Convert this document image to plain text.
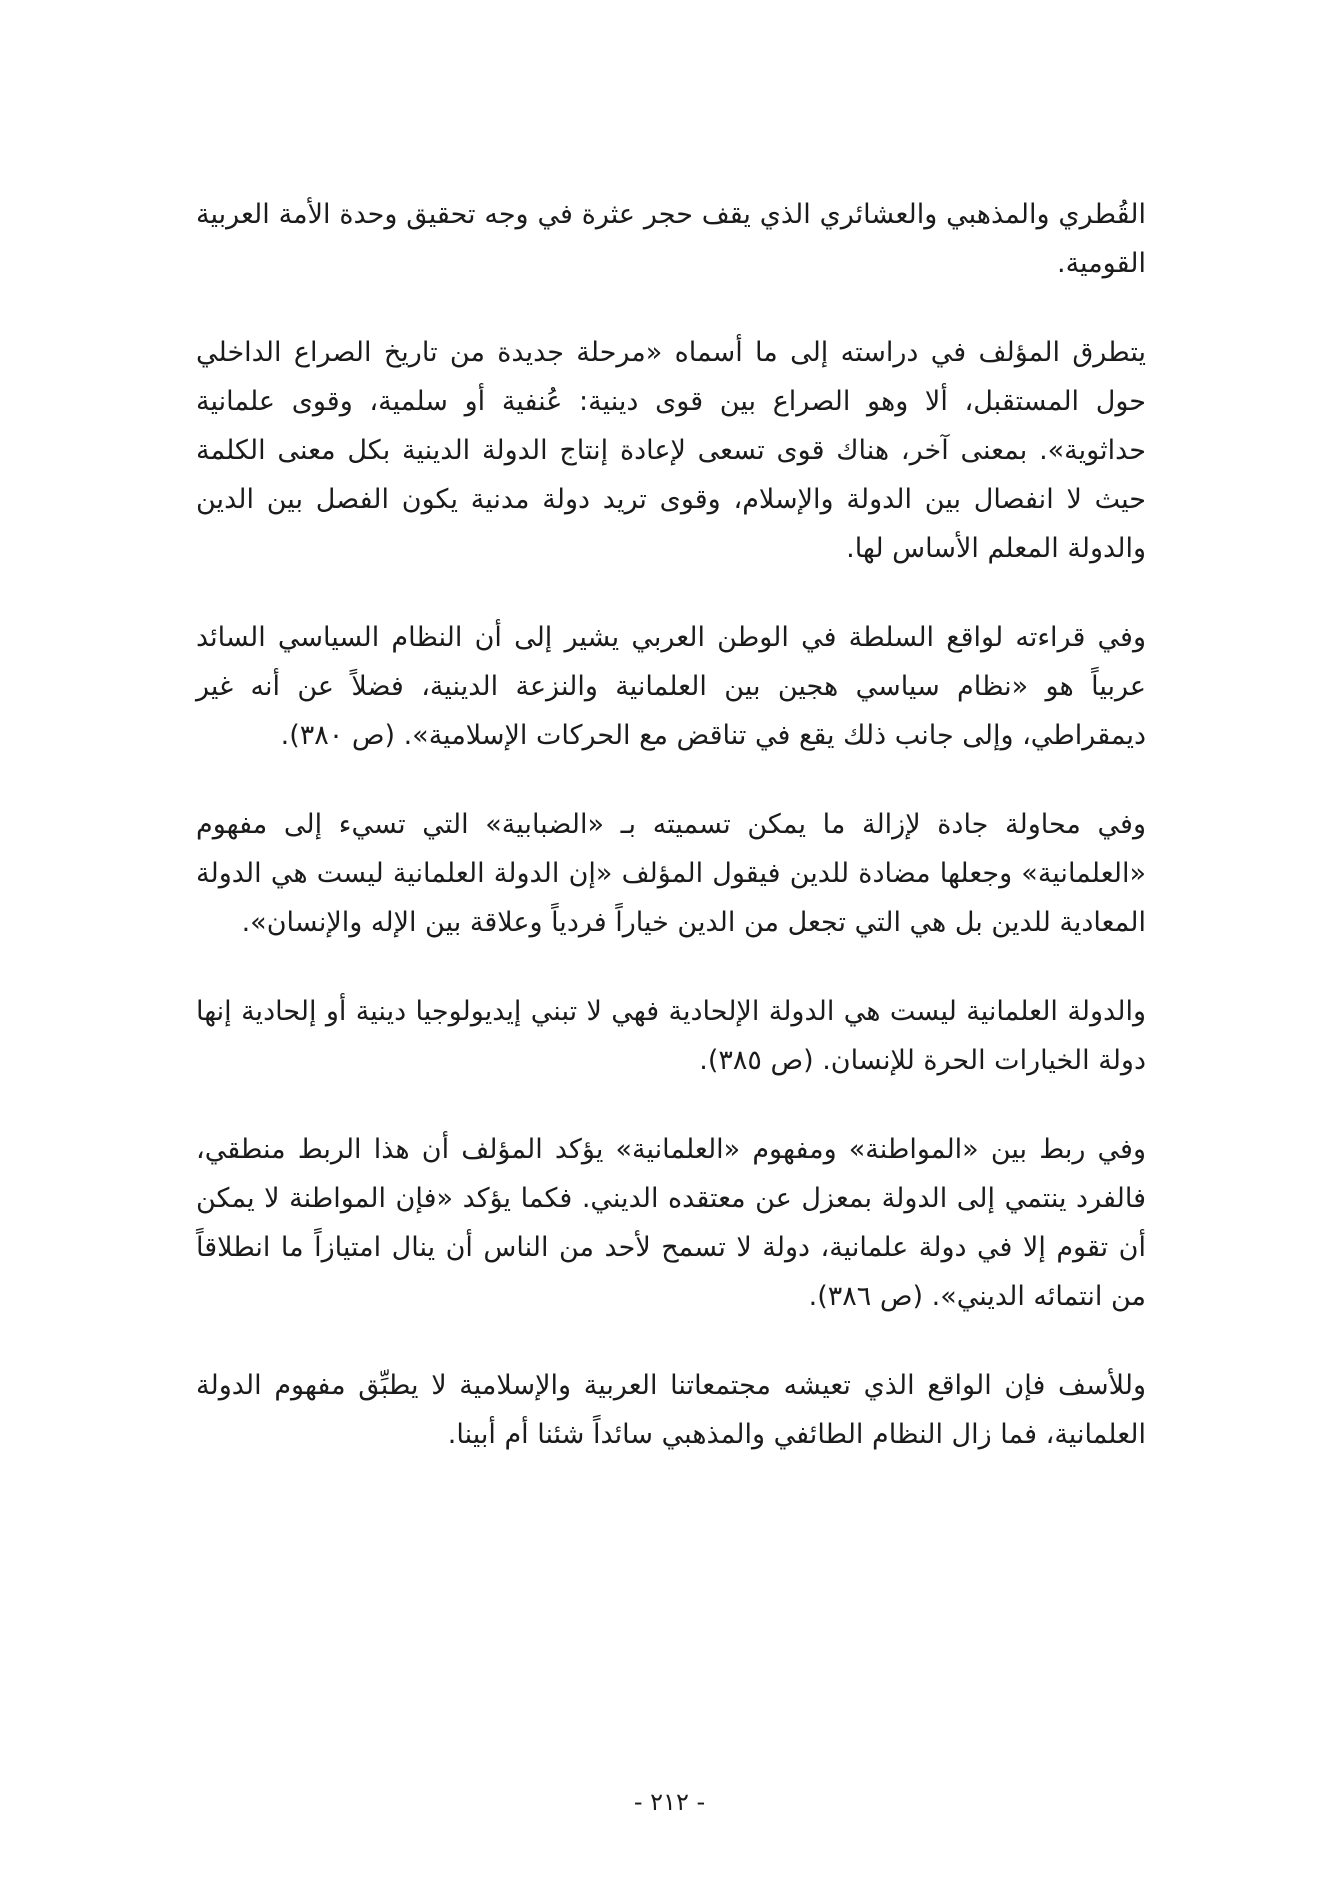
القُطري والمذهبي والعشائري الذي يقف حجر عثرة في وجه تحقيق وحدة الأمة العربية القومية.

يتطرق المؤلف في دراسته إلى ما أسماه «مرحلة جديدة من تاريخ الصراع الداخلي حول المستقبل، ألا وهو الصراع بين قوى دينية: عُنفية أو سلمية، وقوى علمانية حداثوية». بمعنى آخر، هناك قوى تسعى لإعادة إنتاج الدولة الدينية بكل معنى الكلمة حيث لا انفصال بين الدولة والإسلام، وقوى تريد دولة مدنية يكون الفصل بين الدين والدولة المعلم الأساس لها.

وفي قراءته لواقع السلطة في الوطن العربي يشير إلى أن النظام السياسي السائد عربياً هو «نظام سياسي هجين بين العلمانية والنزعة الدينية، فضلاً عن أنه غير ديمقراطي، وإلى جانب ذلك يقع في تناقض مع الحركات الإسلامية». (ص ٣٨٠).

وفي محاولة جادة لإزالة ما يمكن تسميته بـ «الضبابية» التي تسيء إلى مفهوم «العلمانية» وجعلها مضادة للدين فيقول المؤلف «إن الدولة العلمانية ليست هي الدولة المعادية للدين بل هي التي تجعل من الدين خياراً فردياً وعلاقة بين الإله والإنسان».

والدولة العلمانية ليست هي الدولة الإلحادية فهي لا تبني إيديولوجيا دينية أو إلحادية إنها دولة الخيارات الحرة للإنسان. (ص ٣٨٥).

وفي ربط بين «المواطنة» ومفهوم «العلمانية» يؤكد المؤلف أن هذا الربط منطقي، فالفرد ينتمي إلى الدولة بمعزل عن معتقده الديني. فكما يؤكد «فإن المواطنة لا يمكن أن تقوم إلا في دولة علمانية، دولة لا تسمح لأحد من الناس أن ينال امتيازاً ما انطلاقاً من انتمائه الديني». (ص ٣٨٦).

وللأسف فإن الواقع الذي تعيشه مجتمعاتنا العربية والإسلامية لا يطبِّق مفهوم الدولة العلمانية، فما زال النظام الطائفي والمذهبي سائداً شئنا أم أبينا.

- ٢١٢ -
